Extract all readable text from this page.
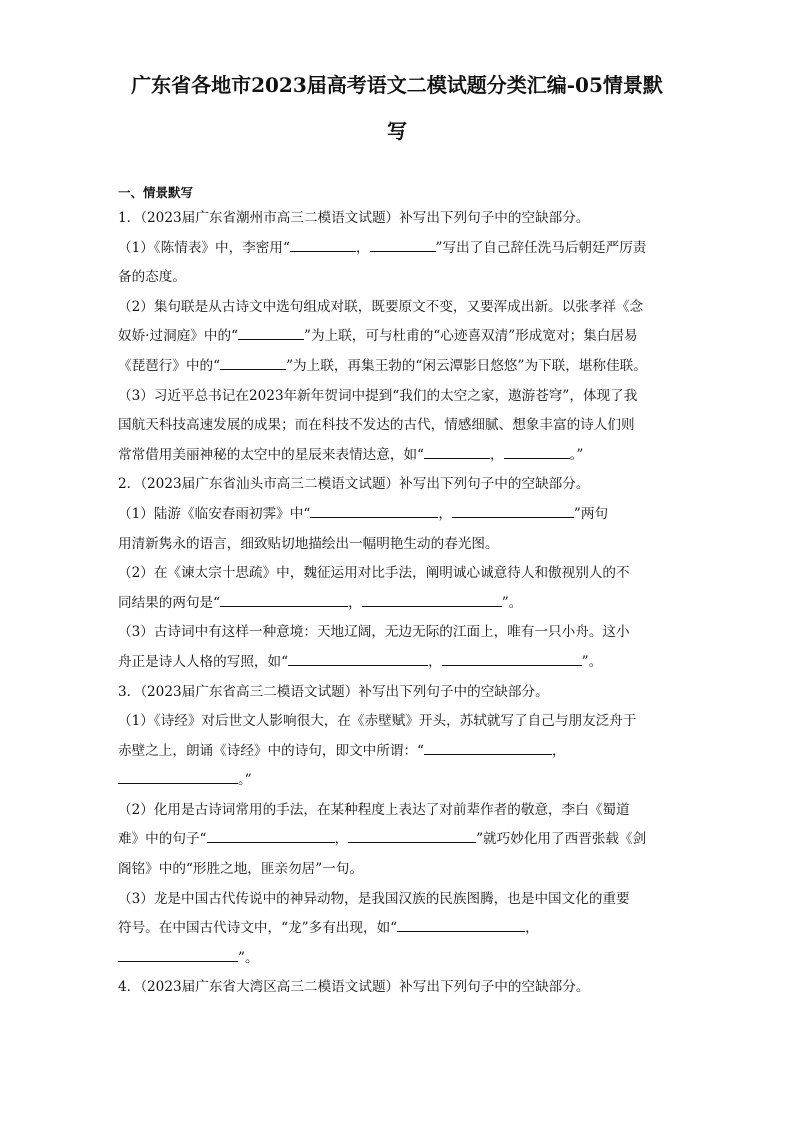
广东省各地市2023届高考语文二模试题分类汇编-05情景默
写
一、情景默写
1．（2023届广东省潮州市高三二模语文试题）补写出下列句子中的空缺部分。
（1）《陈情表》中，李密用“	，	”写出了自己辞任洗马后朝廷严厉责
备的态度。
（2）集句联是从古诗文中选句组成对联，既要原文不变，又要浑成出新。以张孝祥《念
奴娇·过洞庭》中的“	”为上联，可与杜甫的“心迹喜双清”形成宽对；集白居易
《琵琶行》中的“	”为上联，再集王勃的“闲云潭影日悠悠”为下联，堪称佳联。
（3）习近平总书记在2023年新年贺词中提到“我们的太空之家，遨游苍穹”，体现了我
国航天科技高速发展的成果；而在科技不发达的古代，情感细腻、想象丰富的诗人们则
常常借用美丽神秘的太空中的星辰来表情达意，如“	，	。”
2．（2023届广东省汕头市高三二模语文试题）补写出下列句子中的空缺部分。
（1）陆游《临安春雨初霁》中“	，	”两句
用清新隽永的语言，细致贴切地描绘出一幅明艳生动的春光图。
（2）在《谏太宗十思疏》中，魏征运用对比手法，阐明诚心诚意待人和傲视别人的不
同结果的两句是“	，	”。
（3）古诗词中有这样一种意境：天地辽阔，无边无际的江面上，唯有一只小舟。这小
舟正是诗人人格的写照，如“	，	”。
3．（2023届广东省高三二模语文试题）补写出下列句子中的空缺部分。
（1）《诗经》对后世文人影响很大，在《赤壁赋》开头，苏轼就写了自己与朋友泛舟于
赤壁之上，朗诵《诗经》中的诗句，即文中所谓：“	，
。”
（2）化用是古诗词常用的手法，在某种程度上表达了对前辈作者的敬意，李白《蜀道
难》中的句子“	，	”就巧妙化用了西晋张载《剑
阁铭》中的“形胜之地，匪亲勿居”一句。
（3）龙是中国古代传说中的神异动物，是我国汉族的民族图腾，也是中国文化的重要
符号。在中国古代诗文中，“龙”多有出现，如“	，
”。
4．（2023届广东省大湾区高三二模语文试题）补写出下列句子中的空缺部分。
